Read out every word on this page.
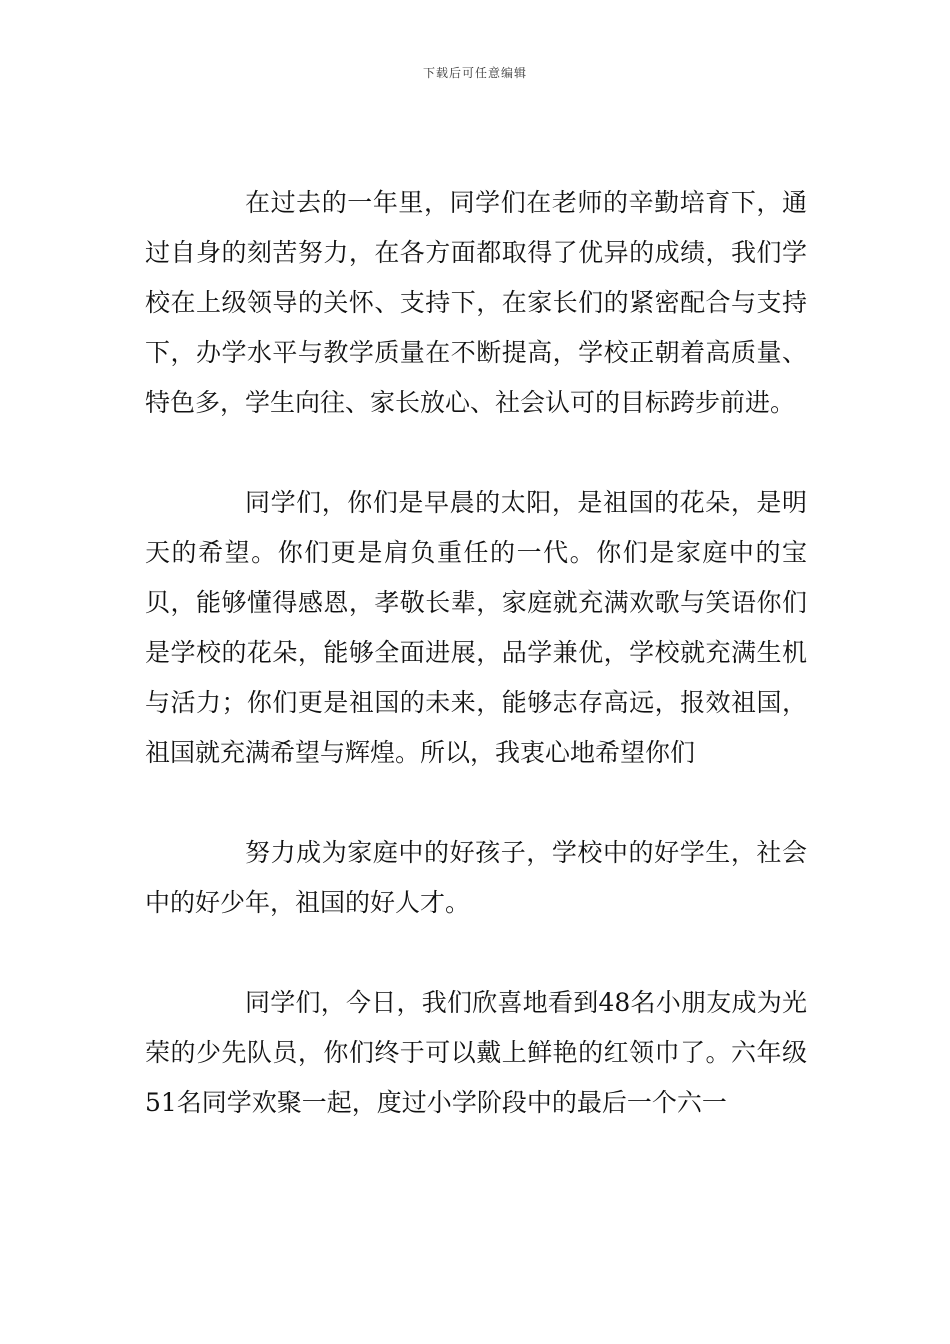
下载后可任意编辑

在过去的一年里，同学们在老师的辛勤培育下，通过自身的刻苦努力，在各方面都取得了优异的成绩，我们学校在上级领导的关怀、支持下，在家长们的紧密配合与支持下，办学水平与教学质量在不断提高，学校正朝着高质量、特色多，学生向往、家长放心、社会认可的目标跨步前进。

同学们，你们是早晨的太阳，是祖国的花朵，是明天的希望。你们更是肩负重任的一代。你们是家庭中的宝贝，能够懂得感恩，孝敬长辈，家庭就充满欢歌与笑语你们是学校的花朵，能够全面进展，品学兼优，学校就充满生机与活力；你们更是祖国的未来，能够志存高远，报效祖国，祖国就充满希望与辉煌。所以，我衷心地希望你们

努力成为家庭中的好孩子，学校中的好学生，社会中的好少年，祖国的好人才。

同学们，今日，我们欣喜地看到48名小朋友成为光荣的少先队员，你们终于可以戴上鲜艳的红领巾了。六年级51名同学欢聚一起，度过小学阶段中的最后一个六一
